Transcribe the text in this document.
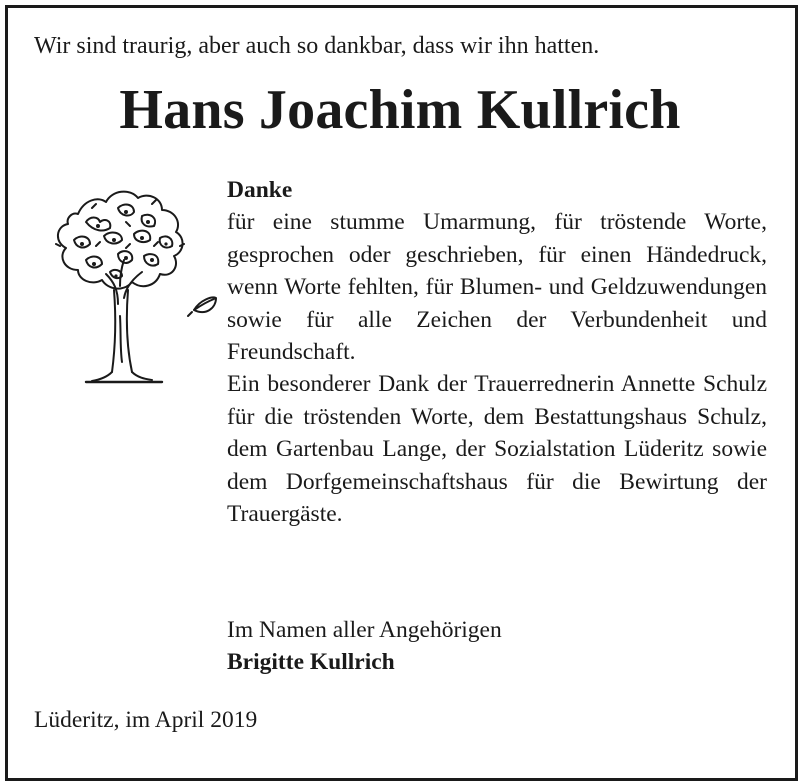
Wir sind traurig, aber auch so dankbar, dass wir ihn hatten.
Hans Joachim Kullrich
Danke
für eine stumme Umarmung, für tröstende Worte, gesprochen oder geschrieben, für einen Händedruck, wenn Worte fehlten, für Blumen- und Geldzuwendungen sowie für alle Zeichen der Verbundenheit und Freundschaft.
Ein besonderer Dank der Trauerrednerin Annette Schulz für die tröstenden Worte, dem Bestattungshaus Schulz, dem Gartenbau Lange, der Sozialstation Lüderitz sowie dem Dorfgemeinschaftshaus für die Bewirtung der Trauergäste.
Im Namen aller Angehörigen
Brigitte Kullrich
Lüderitz, im April 2019
